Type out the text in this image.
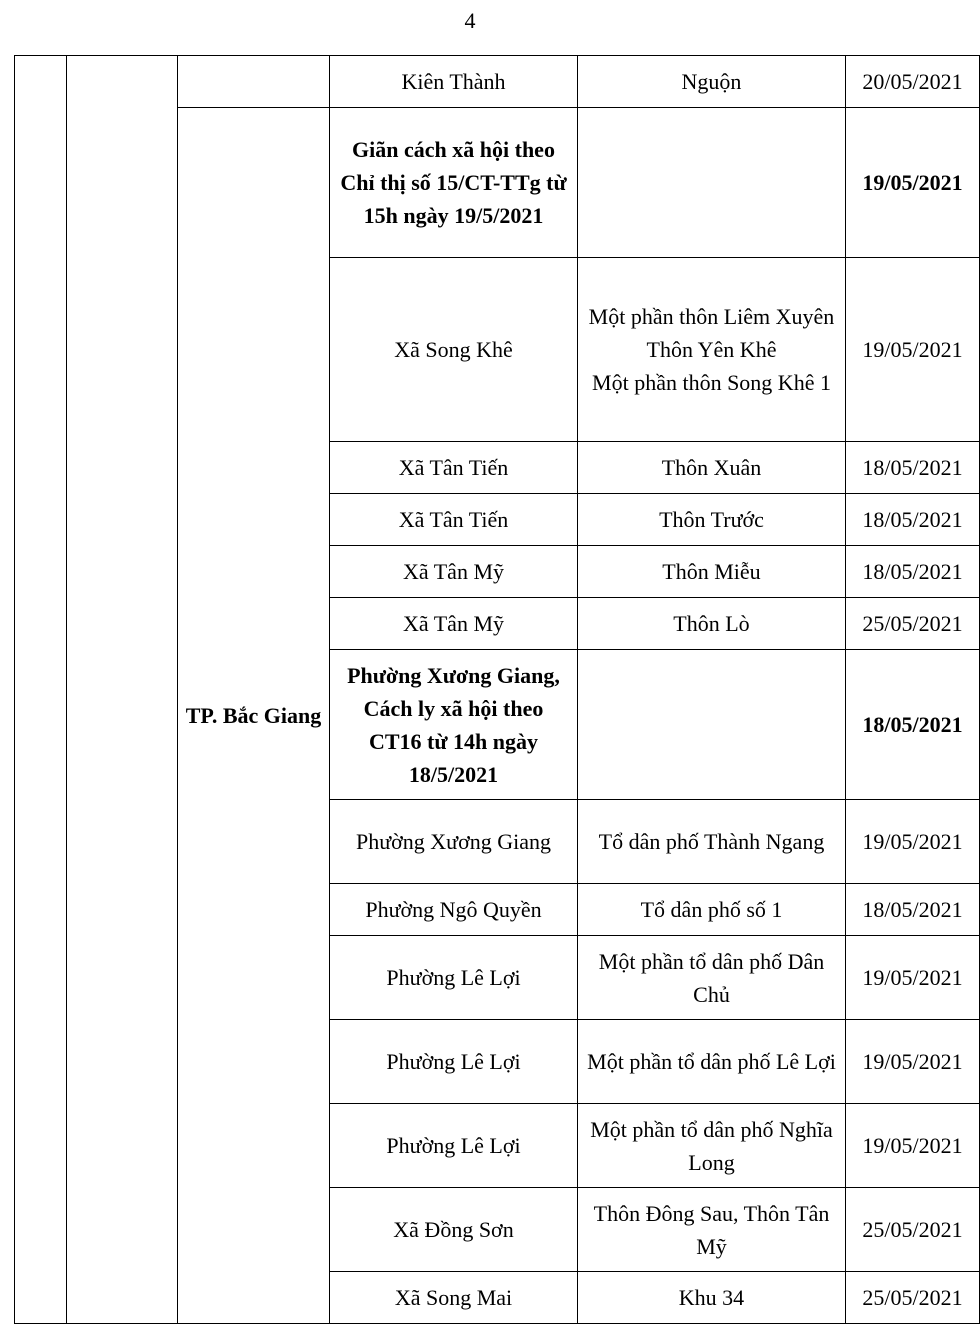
4
			Kiên Thành	Nguộn	20/05/2021
		TP. Bắc Giang	Giãn cách xã hội theo Chỉ thị số 15/CT-TTg từ 15h ngày 19/5/2021		19/05/2021
			Xã Song Khê	Một phần thôn Liêm Xuyên
Thôn Yên Khê
Một phần thôn Song Khê 1	19/05/2021
			Xã Tân Tiến	Thôn Xuân	18/05/2021
			Xã Tân Tiến	Thôn Trước	18/05/2021
			Xã Tân Mỹ	Thôn Miễu	18/05/2021
			Xã Tân Mỹ	Thôn Lò	25/05/2021
			Phường Xương Giang, Cách ly xã hội theo CT16 từ 14h ngày 18/5/2021		18/05/2021
			Phường Xương Giang	Tổ dân phố Thành Ngang	19/05/2021
			Phường Ngô Quyền	Tổ dân phố số 1	18/05/2021
			Phường Lê Lợi	Một phần tổ dân phố Dân Chủ	19/05/2021
			Phường Lê Lợi	Một phần tổ dân phố Lê Lợi	19/05/2021
			Phường Lê Lợi	Một phần tổ dân phố Nghĩa Long	19/05/2021
			Xã Đồng Sơn	Thôn Đông Sau, Thôn Tân Mỹ	25/05/2021
			Xã Song Mai	Khu 34	25/05/2021
